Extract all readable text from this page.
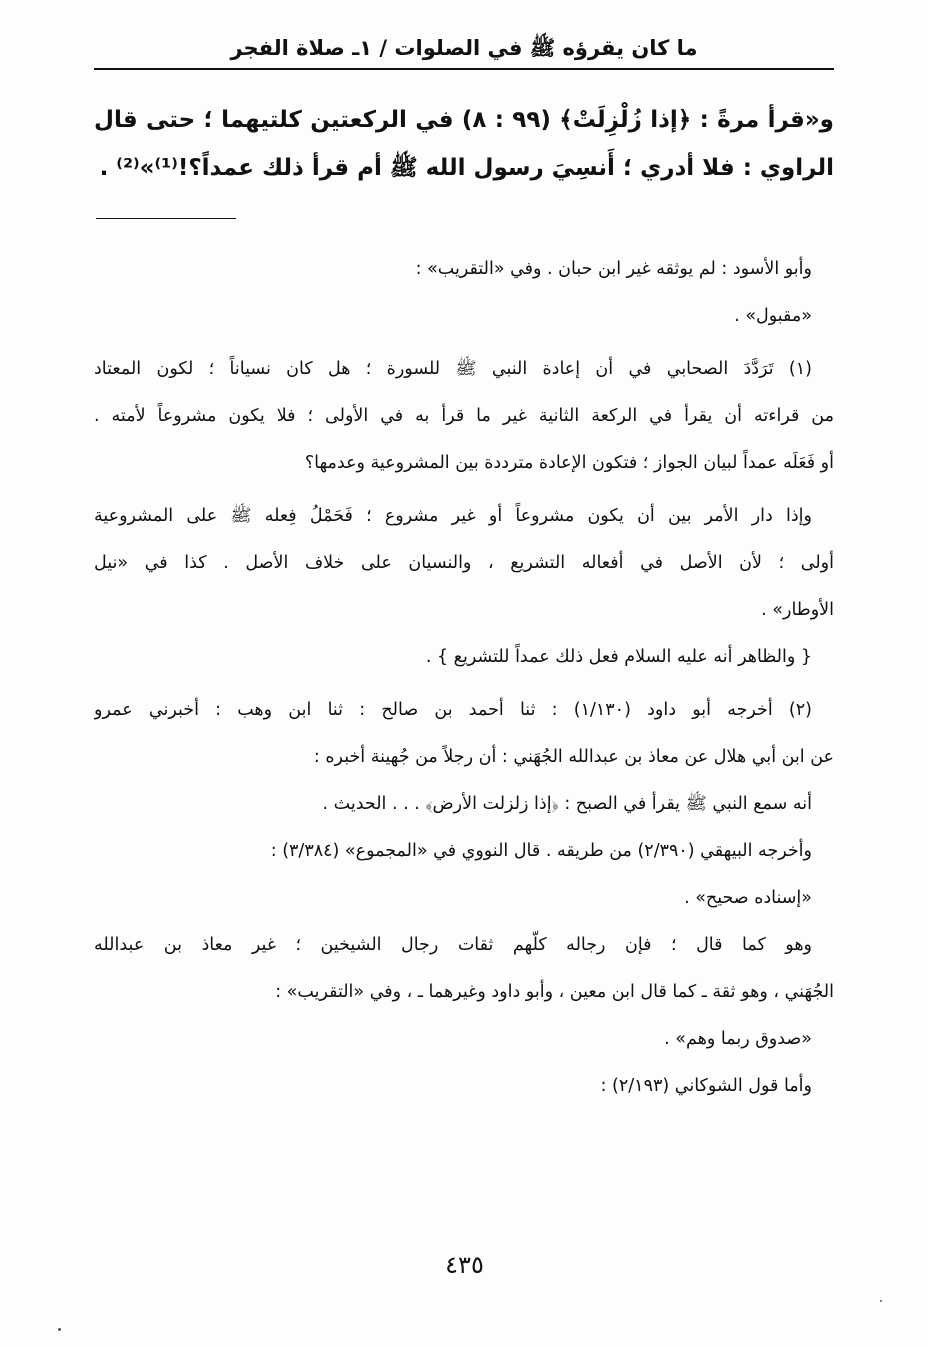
ما كان يقرؤه ﷺ في الصلوات / ١ـ صلاة الفجر

و«قرأ مرةً : ﴿إذا زُلْزِلَتْ﴾ (٩٩ : ٨) في الركعتين كلتيهما ؛ حتى قال

الراوي : فلا أدري ؛ أَنسِيَ رسول الله ﷺ أم قرأ ذلك عمداً؟!⁽¹⁾»⁽²⁾ .

وأبو الأسود : لم يوثقه غير ابن حبان . وفي «التقريب» :
«مقبول» .
(١) تَرَدَّدَ الصحابي في أن إعادة النبي ﷺ للسورة ؛ هل كان نسياناً ؛ لكون المعتاد
من قراءته أن يقرأ في الركعة الثانية غير ما قرأ به في الأولى ؛ فلا يكون مشروعاً لأمته .
أو فَعَلَه عمداً لبيان الجواز ؛ فتكون الإعادة مترددة بين المشروعية وعدمها؟
وإذا دار الأمر بين أن يكون مشروعاً أو غير مشروع ؛ فَحَمْلُ فِعله ﷺ على المشروعية
أولى ؛ لأن الأصل في أفعاله التشريع ، والنسيان على خلاف الأصل . كذا في «نيل
الأوطار» .
{ والظاهر أنه عليه السلام فعل ذلك عمداً للتشريع } .
(٢) أخرجه أبو داود (١/١٣٠) : ثنا أحمد بن صالح : ثنا ابن وهب : أخبرني عمرو
عن ابن أبي هلال عن معاذ بن عبدالله الجُهَني : أن رجلاً من جُهينة أخبره :
أنه سمع النبي ﷺ يقرأ في الصبح : ﴿إذا زلزلت الأرض﴾ . . . الحديث .
وأخرجه البيهقي (٢/٣٩٠) من طريقه . قال النووي في «المجموع» (٣/٣٨٤) :
«إسناده صحيح» .
وهو كما قال ؛ فإن رجاله كلّهم ثقات رجال الشيخين ؛ غير معاذ بن عبدالله
الجُهَني ، وهو ثقة ـ كما قال ابن معين ، وأبو داود وغيرهما ـ ، وفي «التقريب» :
«صدوق ربما وهم» .
وأما قول الشوكاني (٢/١٩٣) :
٤٣٥
